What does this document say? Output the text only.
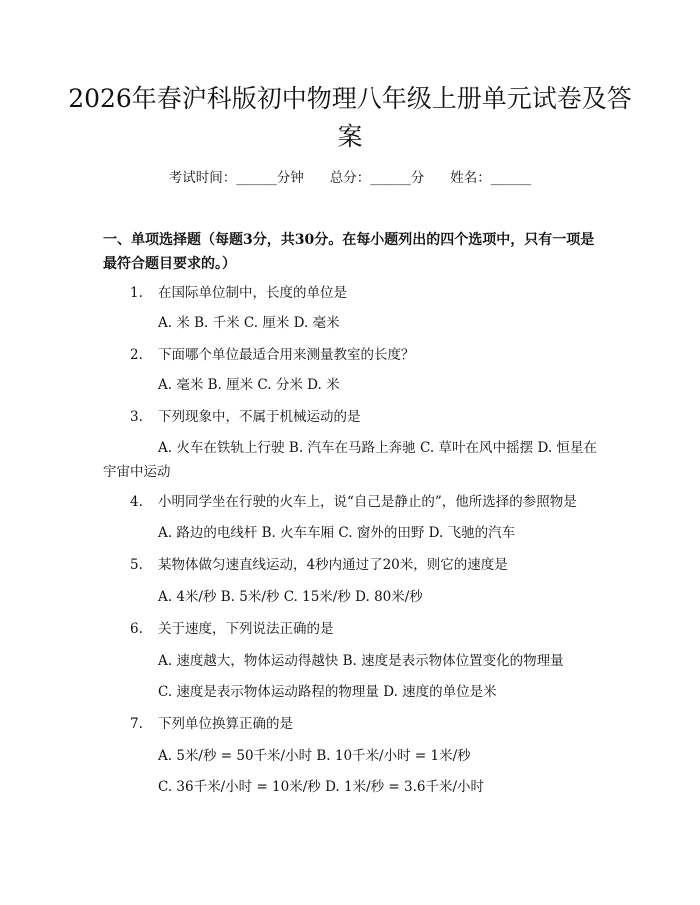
2026年春沪科版初中物理八年级上册单元试卷及答案
考试时间：______分钟 总分：______分 姓名：______
一、单项选择题（每题3分，共30分。在每小题列出的四个选项中，只有一项是最符合题目要求的。）
1. 在国际单位制中，长度的单位是
A. 米 B. 千米 C. 厘米 D. 毫米
2. 下面哪个单位最适合用来测量教室的长度？
A. 毫米 B. 厘米 C. 分米 D. 米
3. 下列现象中，不属于机械运动的是
A. 火车在铁轨上行驶 B. 汽车在马路上奔驰 C. 草叶在风中摇摆 D. 恒星在宇宙中运动
4. 小明同学坐在行驶的火车上，说“自己是静止的”，他所选择的参照物是
A. 路边的电线杆 B. 火车车厢 C. 窗外的田野 D. 飞驰的汽车
5. 某物体做匀速直线运动，4秒内通过了20米，则它的速度是
A. 4米/秒 B. 5米/秒 C. 15米/秒 D. 80米/秒
6. 关于速度，下列说法正确的是
A. 速度越大，物体运动得越快 B. 速度是表示物体位置变化的物理量
C. 速度是表示物体运动路程的物理量 D. 速度的单位是米
7. 下列单位换算正确的是
A. 5米/秒 = 50千米/小时 B. 10千米/小时 = 1米/秒
C. 36千米/小时 = 10米/秒 D. 1米/秒 = 3.6千米/小时
